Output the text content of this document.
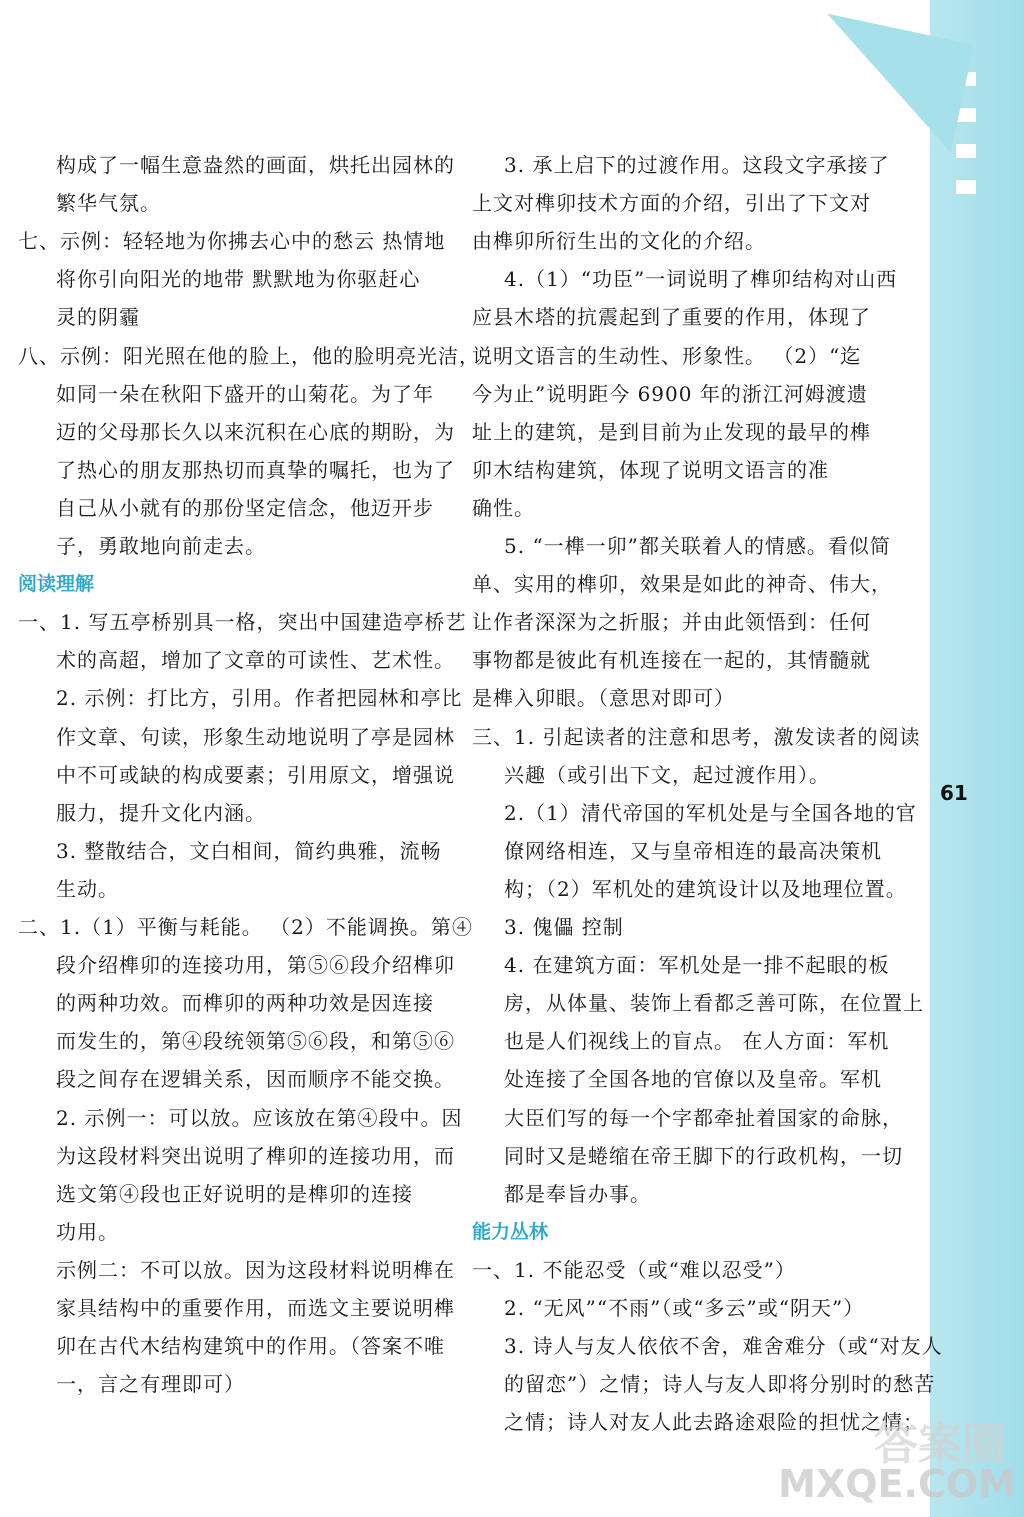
构成了一幅生意盎然的画面，烘托出园林的
繁华气氛。
七、示例：轻轻地为你拂去心中的愁云 热情地
将你引向阳光的地带 默默地为你驱赶心
灵的阴霾
八、示例：阳光照在他的脸上，他的脸明亮光洁，
如同一朵在秋阳下盛开的山菊花。为了年
迈的父母那长久以来沉积在心底的期盼，为
了热心的朋友那热切而真挚的嘱托，也为了
自己从小就有的那份坚定信念，他迈开步
子，勇敢地向前走去。
阅读理解
一、1. 写五亭桥别具一格，突出中国建造亭桥艺
术的高超，增加了文章的可读性、艺术性。
2. 示例：打比方，引用。作者把园林和亭比
作文章、句读，形象生动地说明了亭是园林
中不可或缺的构成要素；引用原文，增强说
服力，提升文化内涵。
3. 整散结合，文白相间，简约典雅，流畅
生动。
二、1.（1）平衡与耗能。 （2）不能调换。第④
段介绍榫卯的连接功用，第⑤⑥段介绍榫卯
的两种功效。而榫卯的两种功效是因连接
而发生的，第④段统领第⑤⑥段，和第⑤⑥
段之间存在逻辑关系，因而顺序不能交换。
2. 示例一：可以放。应该放在第④段中。因
为这段材料突出说明了榫卯的连接功用，而
选文第④段也正好说明的是榫卯的连接
功用。
示例二：不可以放。因为这段材料说明榫在
家具结构中的重要作用，而选文主要说明榫
卯在古代木结构建筑中的作用。（答案不唯
一，言之有理即可）
3. 承上启下的过渡作用。这段文字承接了
上文对榫卯技术方面的介绍，引出了下文对
由榫卯所衍生出的文化的介绍。
4.（1）“功臣”一词说明了榫卯结构对山西
应县木塔的抗震起到了重要的作用，体现了
说明文语言的生动性、形象性。 （2）“迄
今为止”说明距今 6900 年的浙江河姆渡遗
址上的建筑，是到目前为止发现的最早的榫
卯木结构建筑，体现了说明文语言的准
确性。
5. “一榫一卯”都关联着人的情感。看似简
单、实用的榫卯，效果是如此的神奇、伟大，
让作者深深为之折服；并由此领悟到：任何
事物都是彼此有机连接在一起的，其情髓就
是榫入卯眼。（意思对即可）
三、1. 引起读者的注意和思考，激发读者的阅读
兴趣（或引出下文，起过渡作用）。
2.（1）清代帝国的军机处是与全国各地的官
僚网络相连，又与皇帝相连的最高决策机
构；（2）军机处的建筑设计以及地理位置。
3. 傀儡 控制
4. 在建筑方面：军机处是一排不起眼的板
房，从体量、装饰上看都乏善可陈，在位置上
也是人们视线上的盲点。 在人方面：军机
处连接了全国各地的官僚以及皇帝。军机
大臣们写的每一个字都牵扯着国家的命脉，
同时又是蜷缩在帝王脚下的行政机构，一切
都是奉旨办事。
能力丛林
一、1. 不能忍受（或“难以忍受”）
2. “无风”“不雨”（或“多云”或“阴天”）
3. 诗人与友人依依不舍，难舍难分（或“对友人
的留恋”）之情；诗人与友人即将分别时的愁苦
之情；诗人对友人此去路途艰险的担忧之情；
61
答案圈
MXQE.COM
